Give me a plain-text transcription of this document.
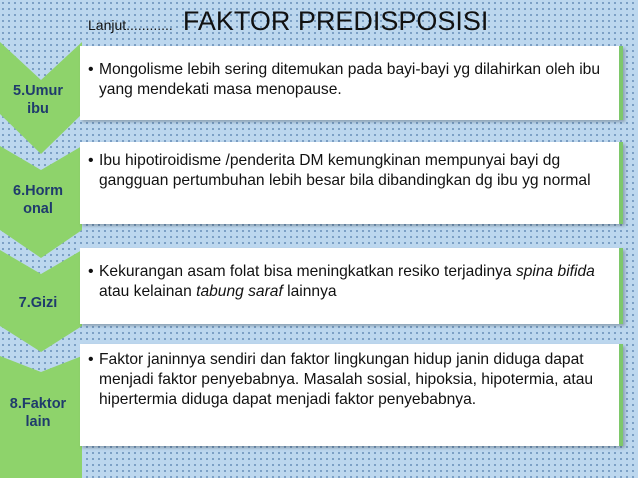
Lanjut............ FAKTOR PREDISPOSISI
5.Umur
ibu
• Mongolisme lebih sering ditemukan pada bayi-bayi yg dilahirkan oleh ibu yang mendekati masa menopause.
6.Horm
onal
• Ibu hipotiroidisme /penderita DM kemungkinan mempunyai bayi dg gangguan pertumbuhan lebih besar bila dibandingkan dg ibu yg normal
7.Gizi
• Kekurangan asam folat bisa meningkatkan resiko terjadinya spina bifida atau kelainan tabung saraf lainnya
8.Faktor
lain
• Faktor janinnya sendiri dan faktor lingkungan hidup janin diduga dapat menjadi faktor penyebabnya. Masalah sosial, hipoksia, hipotermia, atau hipertermia diduga dapat menjadi faktor penyebabnya.
